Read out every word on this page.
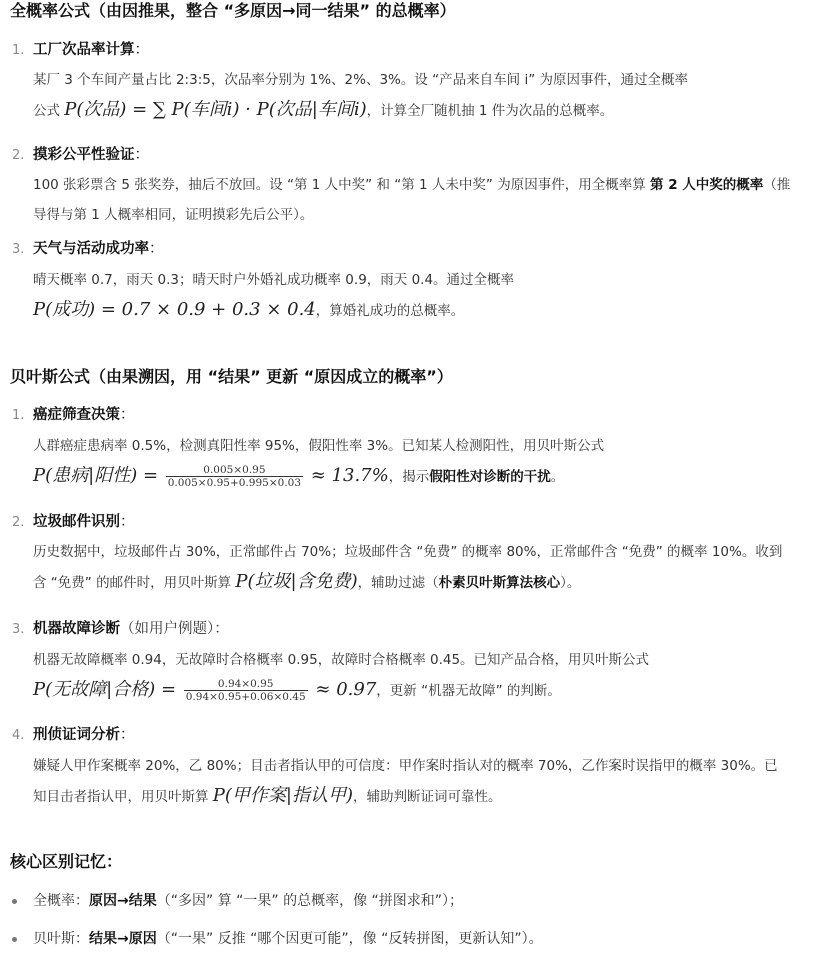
全概率公式（由因推果，整合 “多原因→同一结果” 的总概率）
1. 工厂次品率计算：
某厂 3 个车间产量占比 2:3:5，次品率分别为 1%、2%、3%。设 “产品来自车间 i” 为原因事件，通过全概率
公式 P(次品) = ∑ P(车间i) · P(次品|车间i)，计算全厂随机抽 1 件为次品的总概率。
2. 摸彩公平性验证：
100 张彩票含 5 张奖券，抽后不放回。设 “第 1 人中奖” 和 “第 1 人未中奖” 为原因事件，用全概率算 第 2 人中奖的概率（推导得与第 1 人概率相同，证明摸彩先后公平）。
3. 天气与活动成功率：
晴天概率 0.7，雨天 0.3；晴天时户外婚礼成功概率 0.9，雨天 0.4。通过全概率
P(成功) = 0.7 × 0.9 + 0.3 × 0.4，算婚礼成功的总概率。
贝叶斯公式（由果溯因，用 “结果” 更新 “原因成立的概率”）
1. 癌症筛查决策：
人群癌症患病率 0.5%，检测真阳性率 95%，假阳性率 3%。已知某人检测阳性，用贝叶斯公式
P(患病|阳性) = $\frac{0.005\times 0.95}{0.005\times 0.95+0.995\times 0.03} \approx 13.7\%$，揭示假阳性对诊断的干扰。
2. 垃圾邮件识别：
历史数据中，垃圾邮件占 30%，正常邮件占 70%；垃圾邮件含 “免费” 的概率 80%，正常邮件含 “免费” 的概率 10%。收到含 “免费” 的邮件时，用贝叶斯算 P(垃圾|含免费)，辅助过滤（朴素贝叶斯算法核心）。
3. 机器故障诊断（如用户例题）：
机器无故障概率 0.94，无故障时合格概率 0.95，故障时合格概率 0.45。已知产品合格，用贝叶斯公式
P(无故障|合格) = $\frac{0.94\times 0.95}{0.94\times 0.95+0.06\times 0.45} \approx 0.97$，更新 “机器无故障” 的判断。
4. 刑侦证词分析：
嫌疑人甲作案概率 20%，乙 80%；目击者指认甲的可信度：甲作案时指认对的概率 70%，乙作案时误指甲的概率 30%。已知目击者指认甲，用贝叶斯算 P(甲作案|指认甲)，辅助判断证词可靠性。
核心区别记忆：
全概率：原因→结果（“多因” 算 “一果” 的总概率，像 “拼图求和”）；
贝叶斯：结果→原因（“一果” 反推 “哪个因更可能”，像 “反转拼图，更新认知”）。
